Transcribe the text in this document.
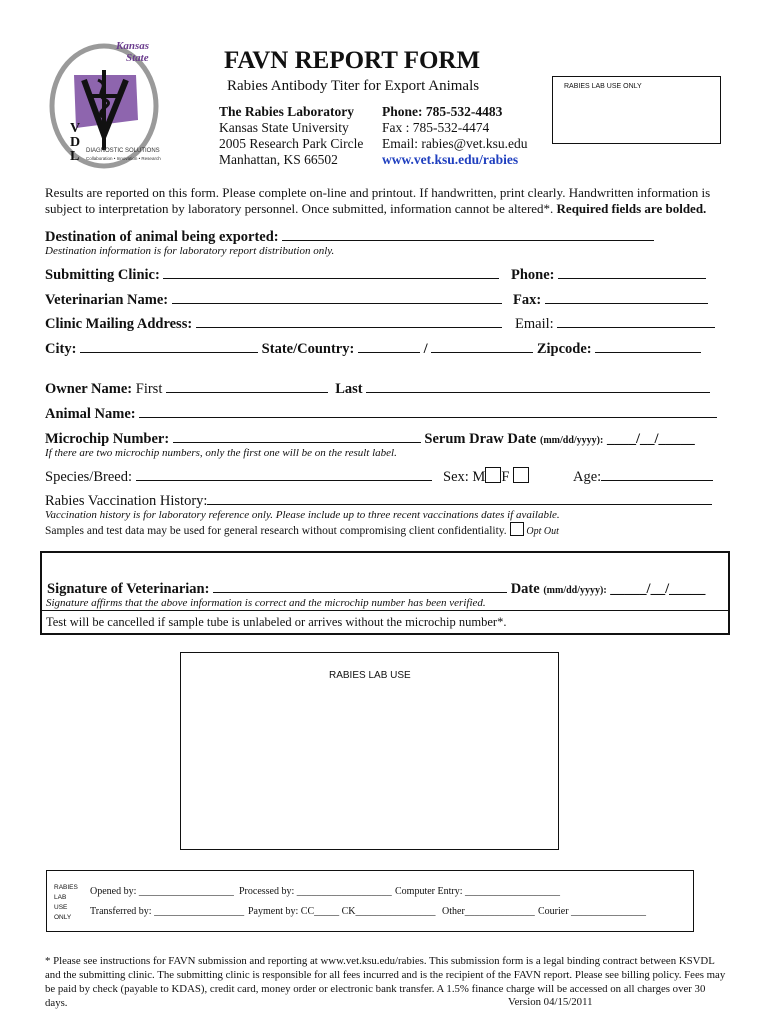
Kansas
State
V
D
L DIAGNOSTIC SOLUTIONS
Collaboration • Innovation • Research
FAVN REPORT FORM
Rabies Antibody Titer for Export Animals	RABIES LAB USE ONLY
The Rabies Laboratory
Kansas State University
2005 Research Park Circle
Manhattan, KS 66502
Phone: 785-532-4483
Fax : 785-532-4474
Email: rabies@vet.ksu.edu
www.vet.ksu.edu/rabies
Results are reported on this form. Please complete on-line and printout. If handwritten, print clearly. Handwritten information is
subject to interpretation by laboratory personnel. Once submitted, information cannot be altered*. Required fields are bolded.
Destination of animal being exported:
Destination information is for laboratory report distribution only.
Submitting Clinic:	Phone:
Veterinarian Name:	Fax:
Clinic Mailing Address:	Email:
City:	State/Country:	/	Zipcode:
Owner Name: First	Last
Animal Name:
Microchip Number:	Serum Draw Date (mm/dd/yyyy): ____/__/_____
If there are two microchip numbers, only the first one will be on the result label.
Species/Breed:	Sex: M F	Age:
Rabies Vaccination History:
Vaccination history is for laboratory reference only. Please include up to three recent vaccinations dates if available.
Samples and test data may be used for general research without compromising client confidentiality. Opt Out
Signature of Veterinarian:	Date (mm/dd/yyyy): _____/__/_____
Signature affirms that the above information is correct and the microchip number has been verified.
Test will be cancelled if sample tube is unlabeled or arrives without the microchip number*.
RABIES LAB USE
RABIES
LAB
USE
ONLY
Opened by: ___________________ Processed by: ___________________ Computer Entry: ___________________
Transferred by: __________________ Payment by: CC_____ CK________________ Other______________ Courier _______________
* Please see instructions for FAVN submission and reporting at www.vet.ksu.edu/rabies. This submission form is a legal binding contract between KSVDL
and the submitting clinic. The submitting clinic is responsible for all fees incurred and is the recipient of the FAVN report. Please see billing policy. Fees may
be paid by check (payable to KDAS), credit card, money order or electronic bank transfer. A 1.5% finance charge will be accessed on all charges over 30
days.	Version 04/15/2011
